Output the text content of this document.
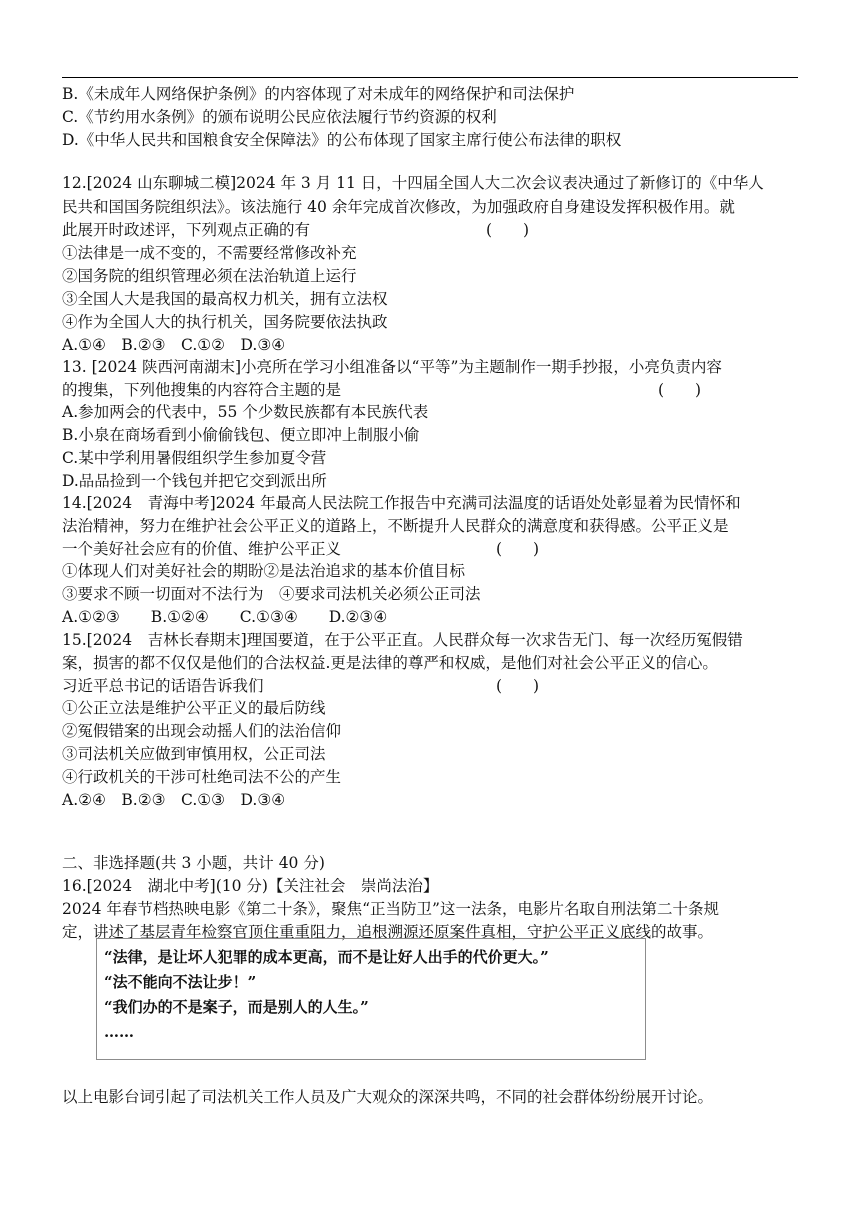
B.《未成年人网络保护条例》的内容体现了对未成年的网络保护和司法保护
C.《节约用水条例》的颁布说明公民应依法履行节约资源的权利
D.《中华人民共和国粮食安全保障法》的公布体现了国家主席行使公布法律的职权
12.[2024 山东聊城二模]2024 年 3 月 11 日，十四届全国人大二次会议表决通过了新修订的《中华人
民共和国国务院组织法》。该法施行 40 余年完成首次修改，为加强政府自身建设发挥积极作用。就
此展开时政述评，下列观点正确的有	(　　)
①法律是一成不变的，不需要经常修改补充
②国务院的组织管理必须在法治轨道上运行
③全国人大是我国的最高权力机关，拥有立法权
④作为全国人大的执行机关，国务院要依法执政
A.①④　B.②③　C.①②　D.③④
13. [2024 陕西河南湖末]小亮所在学习小组准备以“平等”为主题制作一期手抄报，小亮负责内容
的搜集，下列他搜集的内容符合主题的是	(　　)
A.参加两会的代表中，55 个少数民族都有本民族代表
B.小泉在商场看到小偷偷钱包、便立即冲上制服小偷
C.某中学利用暑假组织学生参加夏令营
D.品品捡到一个钱包并把它交到派出所
14.[2024　青海中考]2024 年最高人民法院工作报告中充满司法温度的话语处处彰显着为民情怀和
法治精神，努力在维护社会公平正义的道路上，不断提升人民群众的满意度和获得感。公平正义是
一个美好社会应有的价值、维护公平正义	(　　)
①体现人们对美好社会的期盼②是法治追求的基本价值目标
③要求不顾一切面对不法行为　④要求司法机关必须公正司法
A.①②③　　B.①②④　　C.①③④　　D.②③④
15.[2024　吉林长春期末]理国要道，在于公平正直。人民群众每一次求告无门、每一次经历冤假错
案，损害的都不仅仅是他们的合法权益.更是法律的尊严和权威，是他们对社会公平正义的信心。
习近平总书记的话语告诉我们	(　　)
①公正立法是维护公平正义的最后防线
②冤假错案的出现会动摇人们的法治信仰
③司法机关应做到审慎用权，公正司法
④行政机关的干涉可杜绝司法不公的产生
A.②④　B.②③　C.①③　D.③④
二、非选择题(共 3 小题，共计 40 分)
16.[2024　湖北中考](10 分)【关注社会　崇尚法治】
2024 年春节档热映电影《第二十条》，聚焦“正当防卫”这一法条，电影片名取自刑法第二十条规
定，讲述了基层青年检察官顶住重重阻力，追根溯源还原案件真相，守护公平正义底线的故事。
“法律，是让坏人犯罪的成本更高，而不是让好人出手的代价更大。”
“法不能向不法让步！”
“我们办的不是案子，而是别人的人生。”
……
以上电影台词引起了司法机关工作人员及广大观众的深深共鸣，不同的社会群体纷纷展开讨论。
